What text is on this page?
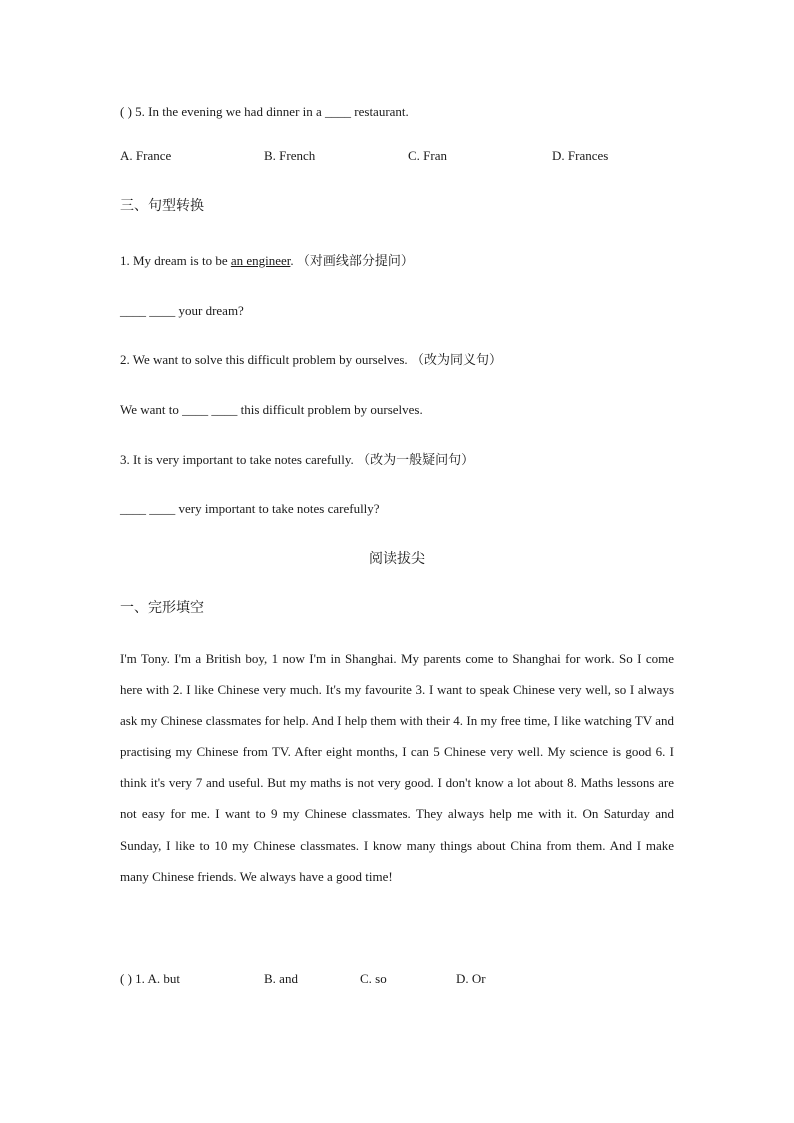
( ) 5. In the evening we had dinner in a ____ restaurant.
A. France	B. French	C. Fran	D. Frances
三、句型转换
1. My dream is to be an engineer. （对画线部分提问）
____ ____ your dream?
2. We want to solve this difficult problem by ourselves. （改为同义句）
We want to ____ ____ this difficult problem by ourselves.
3. It is very important to take notes carefully. （改为一般疑问句）
____ ____ very important to take notes carefully?
阅读拔尖
一、完形填空

I'm Tony. I'm a British boy, 1 now I'm in Shanghai. My parents come to Shanghai for work. So I come here with 2. I like Chinese very much. It's my favourite 3. I want to speak Chinese very well, so I always ask my Chinese classmates for help. And I help them with their 4. In my free time, I like watching TV and practising my Chinese from TV. After eight months, I can 5 Chinese very well. My science is good 6. I think it's very 7 and useful. But my maths is not very good. I don't know a lot about 8. Maths lessons are not easy for me. I want to 9 my Chinese classmates. They always help me with it. On Saturday and Sunday, I like to 10 my Chinese classmates. I know many things about China from them. And I make many Chinese friends. We always have a good time!

( ) 1. A. but	B. and	C. so	D. Or
